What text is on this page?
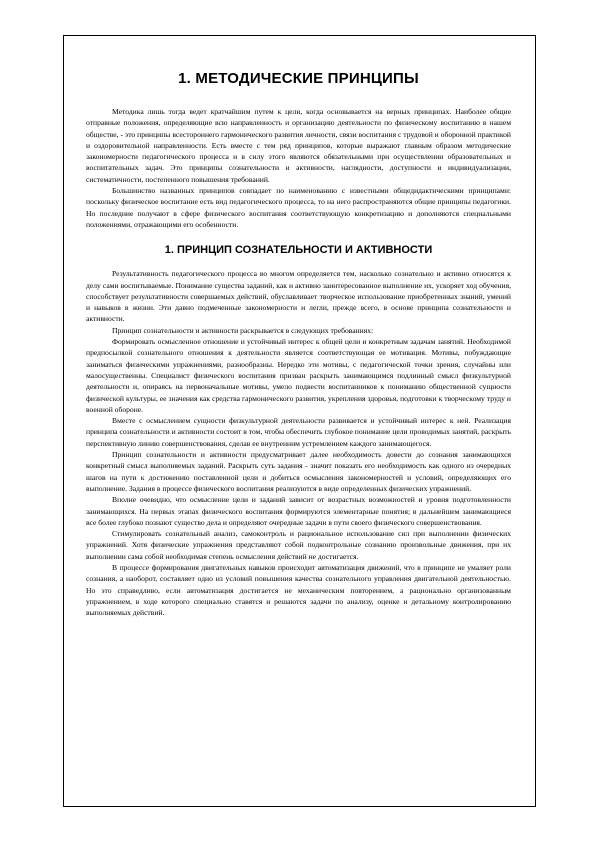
1. МЕТОДИЧЕСКИЕ ПРИНЦИПЫ

Методика лишь тогда ведет кратчайшим путем к цели, когда основывается на верных принципах. Наиболее общие отправные положения, определяющие всю направленность и организацию деятельности по физическому воспитанию в нашем обществе, - это принципы всестороннего гармонического развития личности, связи воспитания с трудовой и оборонной практикой и оздоровительной направленности. Есть вместе с тем ряд принципов, которые выражают главным образом методические закономерности педагогического процесса и в силу этого являются обязательными при осуществлении образовательных и воспитательных задач. Это принципы сознательности и активности, наглядности, доступности и индивидуализации, систематичности, постепенного повышения требований.

Большинство названных принципов совпадает по наименованию с известными общедидактическими принципами: поскольку физическое воспитание есть вид педагогического процесса, то на него распространяются общие принципы педагогики. Но последние получают в сфере физического воспитания соответствующую конкретизацию и дополняются специальными положениями, отражающими его особенности.

1. ПРИНЦИП СОЗНАТЕЛЬНОСТИ И АКТИВНОСТИ

Результативность педагогического процесса во многом определяется тем, насколько сознательно и активно относятся к делу сами воспитываемые. Понимание существа заданий, как и активно заинтересованное выполнение их, ускоряет ход обучения, способствует результативности совершаемых действий, обуславливает творческое использование приобретенных знаний, умений и навыков в жизни. Эти давно подмеченные закономерности и легли, прежде всего, в основе принципа сознательности и активности.

Принцип сознательности и активности раскрывается в следующих требованиях:

Формировать осмысленное отношение и устойчивый интерес к общей цели и конкретным задачам занятий. Необходимой предпосылкой сознательного отношения к деятельности является соответствующая ее мотивация. Мотивы, побуждающие заниматься физическими упражнениями, разнообразны. Нередко эти мотивы, с педагогической точки зрения, случайны или малосущественны. Специалист физического воспитания призван раскрыть занимающимся подлинный смысл физкультурной деятельности и, опираясь на первоначальные мотивы, умело подвести воспитанников к пониманию общественной сущности физической культуры, ее значения как средства гармонического развития, укрепления здоровья, подготовки к творческому труду и военной обороне.

Вместе с осмыслением сущности физкультурной деятельности развивается и устойчивый интерес к ней. Реализация принципа сознательности и активности состоит в том, чтобы обеспечить глубокое понимание цели проводимых занятий, раскрыть перспективную линию совершенствования, сделав ее внутренним устремлением каждого занимающегося.

Принцип сознательности и активности предусматривает далее необходимость довести до сознания занимающихся конкретный смысл выполняемых заданий. Раскрыть суть задания - значит показать его необходимость как одного из очередных шагов на пути к достижению поставленной цели и добиться осмысления закономерностей и условий, определяющих его выполнение. Задания в процессе физического воспитания реализуются в виде определенных физических упражнений.

Вполне очевидно, что осмысление цели и заданий зависит от возрастных возможностей и уровня подготовленности занимающихся. На первых этапах физического воспитания формируются элементарные понятия; в дальнейшем занимающиеся все более глубоко познают существо дела и определяют очередные задачи в пути своего физического совершенствования.

Стимулировать сознательный анализ, самоконтроль и рациональное использование сил при выполнении физических упражнений. Хотя физические упражнения представляют собой подконтрольные сознанию произвольные движения, при их выполнении сама собой необходимая степень осмысления действий не достигается.

В процессе формирования двигательных навыков происходит автоматизация движений, что в принципе не умаляет роли сознания, а наоборот, составляет одно из условий повышения качества сознательного управления двигательной деятельностью. Но это справедливо, если автоматизация достигается не механическим повторением, а рационально организованным упражнением, в ходе которого специально ставятся и решаются задачи по анализу, оценке и детальному контролированию выполняемых действий.
